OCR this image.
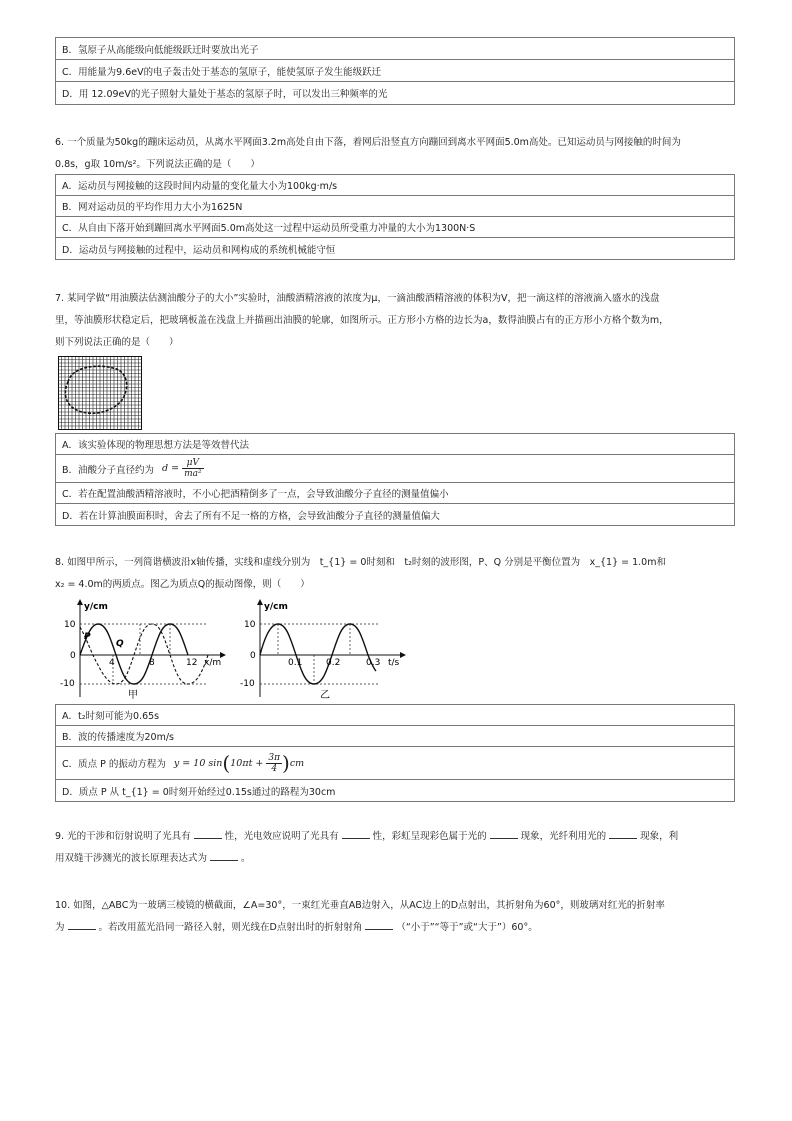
B．氢原子从高能级向低能级跃迁时要放出光子
C．用能量为9.6eV的电子轰击处于基态的氢原子，能使氢原子发生能级跃迁
D．用 12.09eV的光子照射大量处于基态的氢原子时，可以发出三种频率的光
6. 一个质量为50kg的蹦床运动员，从离水平网面3.2m高处自由下落，着网后沿竖直方向蹦回到离水平网面5.0m高处。已知运动员与网接触的时间为
0.8s，g取 10m/s²。下列说法正确的是（　　）
A．运动员与网接触的这段时间内动量的变化量大小为100kg·m/s
B．网对运动员的平均作用力大小为1625N
C．从自由下落开始到蹦回离水平网面5.0m高处这一过程中运动员所受重力冲量的大小为1300N·S
D．运动员与网接触的过程中，运动员和网构成的系统机械能守恒
7. 某同学做“用油膜法估测油酸分子的大小”实验时，油酸酒精溶液的浓度为μ，一滴油酸酒精溶液的体积为V，把一滴这样的溶液滴入盛水的浅盘
里，等油膜形状稳定后，把玻璃板盖在浅盘上并描画出油膜的轮廓，如图所示。正方形小方格的边长为a，数得油膜占有的正方形小方格个数为m，
则下列说法正确的是（　　）
A．该实验体现的物理思想方法是等效替代法
B．油酸分子直径约为 $d = \frac{\mu V}{\text{ma²}}$
C．若在配置油酸酒精溶液时，不小心把酒精倒多了一点，会导致油酸分子直径的测量值偏小
D．若在计算油膜面积时，舍去了所有不足一格的方格，会导致油酸分子直径的测量值偏大
8. 如图甲所示，一列简谐横波沿x轴传播，实线和虚线分别为　t_{1} = 0时刻和　t₂时刻的波形图，P、Q 分别是平衡位置为　x_{1} = 1.0m和
x₂ = 4.0m的两质点。图乙为质点Q的振动图像，则（　　）
y/cm
10
0
-10
P
Q
4	8	12 x/m
甲
y/cm
10
0
-10
0.1	0.2	0.3 t/s
乙
A．t₂时刻可能为0.65s
B．波的传播速度为20m/s
C．质点 P 的振动方程为 y = 10 sin ( $10\pi t + \frac{3\pi}{4}$ ) cm
D．质点 P 从 t_{1} = 0时刻开始经过0.15s通过的路程为30cm
9. 光的干涉和衍射说明了光具有	性，光电效应说明了光具有	性，彩虹呈现彩色属于光的	现象，光纤利用光的	现象，利
用双缝干涉测光的波长原理表达式为	。
10. 如图，△ABC为一玻璃三棱镜的横截面，∠A=30°，一束红光垂直AB边射入，从AC边上的D点射出，其折射角为60°，则玻璃对红光的折射率
为	。若改用蓝光沿同一路径入射，则光线在D点射出时的折射射角	（“小于”“等于”或“大于”）60°。
